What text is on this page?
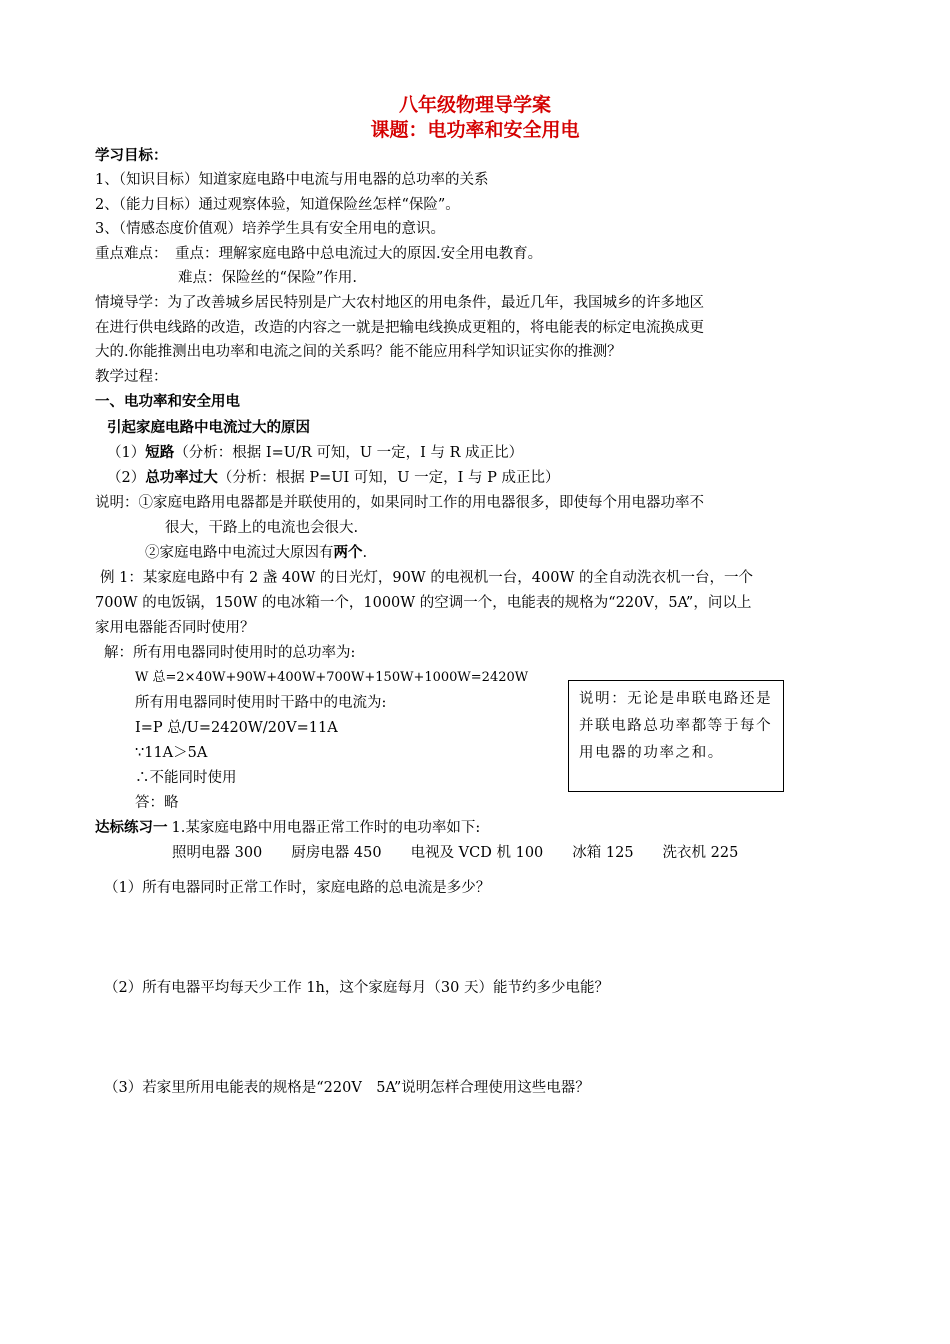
八年级物理导学案
课题：电功率和安全用电
学习目标：
1、（知识目标）知道家庭电路中电流与用电器的总功率的关系
2、（能力目标）通过观察体验，知道保险丝怎样“保险”。
3、（情感态度价值观）培养学生具有安全用电的意识。
重点难点： 重点：理解家庭电路中总电流过大的原因.安全用电教育。
难点：保险丝的“保险”作用.
情境导学：为了改善城乡居民特别是广大农村地区的用电条件，最近几年，我国城乡的许多地区
在进行供电线路的改造，改造的内容之一就是把输电线换成更粗的，将电能表的标定电流换成更
大的.你能推测出电功率和电流之间的关系吗？能不能应用科学知识证实你的推测？
教学过程：
一、电功率和安全用电
引起家庭电路中电流过大的原因
（1）短路（分析：根据 I=U/R 可知，U 一定，I 与 R 成正比）
（2）总功率过大（分析：根据 P=UI 可知，U 一定，I 与 P 成正比）
说明：①家庭电路用电器都是并联使用的，如果同时工作的用电器很多，即使每个用电器功率不
很大，干路上的电流也会很大.
②家庭电路中电流过大原因有两个.
例 1：某家庭电路中有 2 盏 40W 的日光灯，90W 的电视机一台，400W 的全自动洗衣机一台，一个
700W 的电饭锅，150W 的电冰箱一个，1000W 的空调一个，电能表的规格为“220V，5A”，问以上
家用电器能否同时使用？
解：所有用电器同时使用时的总功率为:
W 总=2×40W+90W+400W+700W+150W+1000W=2420W
所有用电器同时使用时干路中的电流为:
I=P 总/U=2420W/20V=11A
∵11A＞5A
∴不能同时使用
答：略
说明：无论是串联电路还是并联电路总功率都等于每个用电器的功率之和。
达标练习一 1.某家庭电路中用电器正常工作时的电功率如下:
照明电器 300　　厨房电器 450　　电视及 VCD 机 100　　冰箱 125　　洗衣机 225
（1）所有电器同时正常工作时，家庭电路的总电流是多少？
（2）所有电器平均每天少工作 1h，这个家庭每月（30 天）能节约多少电能？
（3）若家里所用电能表的规格是“220V　5A”说明怎样合理使用这些电器？
